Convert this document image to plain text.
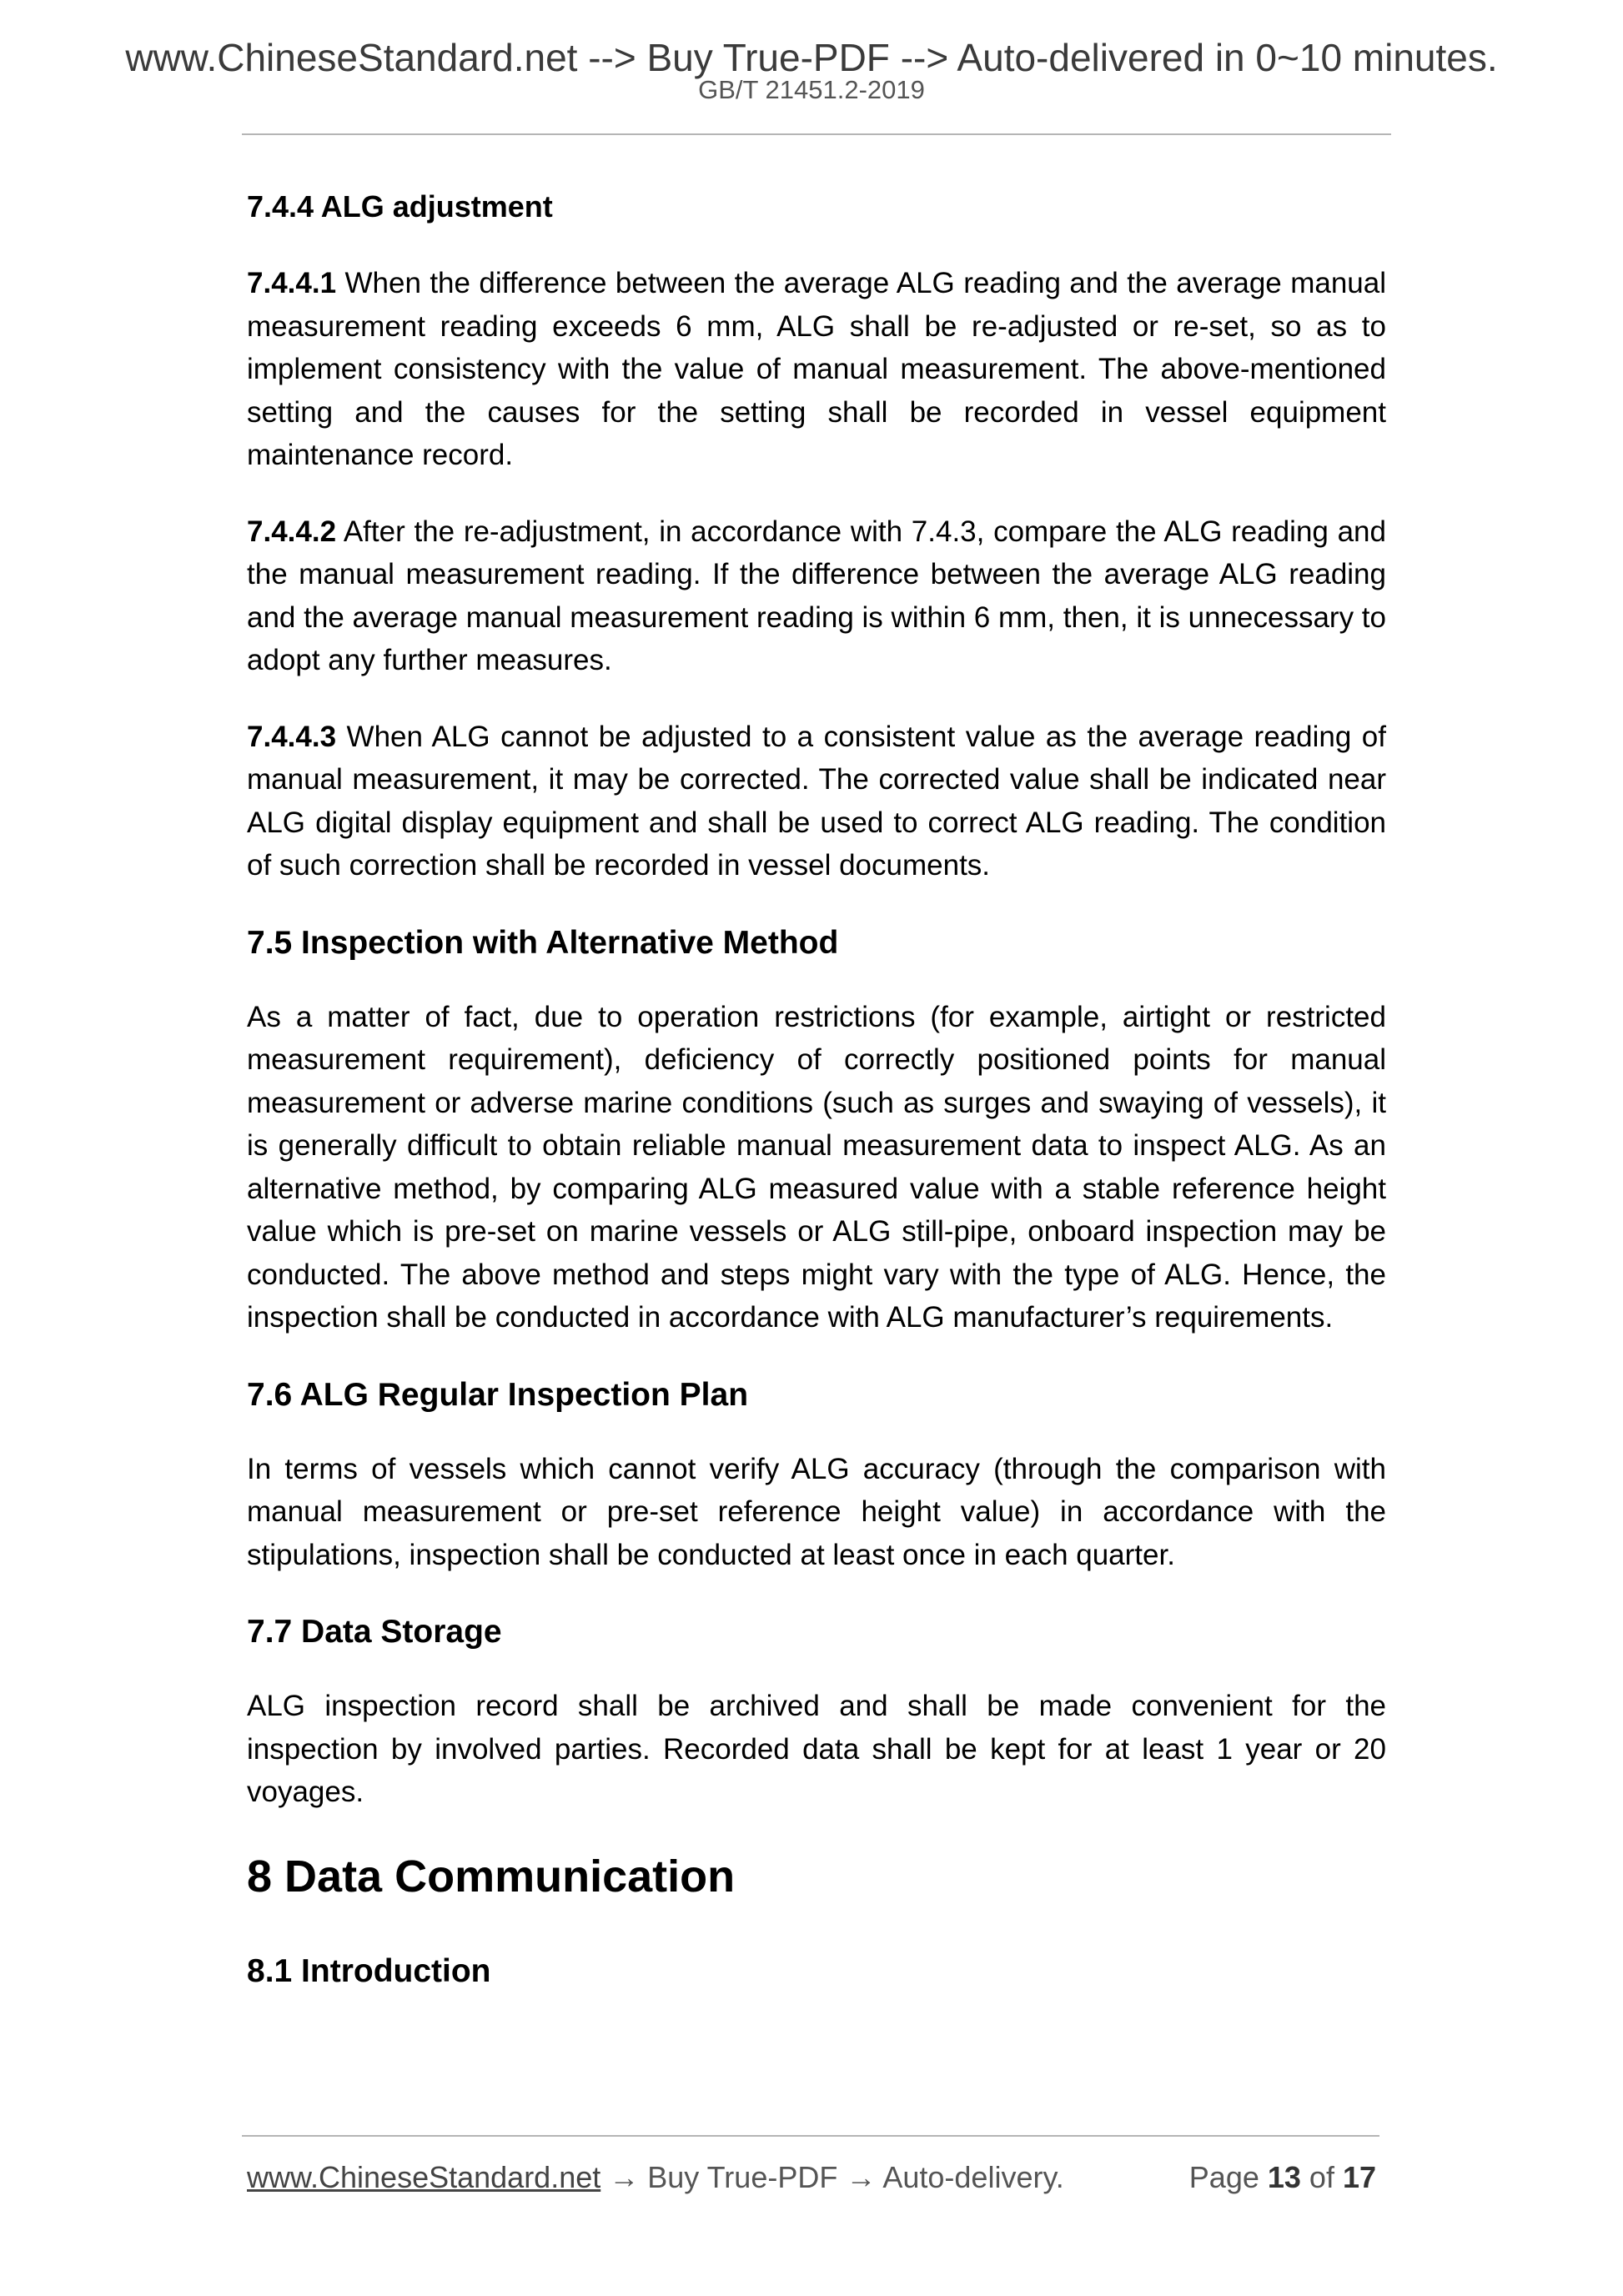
www.ChineseStandard.net --> Buy True-PDF --> Auto-delivered in 0~10 minutes.
GB/T 21451.2-2019
7.4.4 ALG adjustment

7.4.4.1 When the difference between the average ALG reading and the average manual measurement reading exceeds 6 mm, ALG shall be re-adjusted or re-set, so as to implement consistency with the value of manual measurement. The above-mentioned setting and the causes for the setting shall be recorded in vessel equipment maintenance record.

7.4.4.2 After the re-adjustment, in accordance with 7.4.3, compare the ALG reading and the manual measurement reading. If the difference between the average ALG reading and the average manual measurement reading is within 6 mm, then, it is unnecessary to adopt any further measures.

7.4.4.3 When ALG cannot be adjusted to a consistent value as the average reading of manual measurement, it may be corrected. The corrected value shall be indicated near ALG digital display equipment and shall be used to correct ALG reading. The condition of such correction shall be recorded in vessel documents.

7.5 Inspection with Alternative Method

As a matter of fact, due to operation restrictions (for example, airtight or restricted measurement requirement), deficiency of correctly positioned points for manual measurement or adverse marine conditions (such as surges and swaying of vessels), it is generally difficult to obtain reliable manual measurement data to inspect ALG. As an alternative method, by comparing ALG measured value with a stable reference height value which is pre-set on marine vessels or ALG still-pipe, onboard inspection may be conducted. The above method and steps might vary with the type of ALG. Hence, the inspection shall be conducted in accordance with ALG manufacturer’s requirements.

7.6 ALG Regular Inspection Plan

In terms of vessels which cannot verify ALG accuracy (through the comparison with manual measurement or pre-set reference height value) in accordance with the stipulations, inspection shall be conducted at least once in each quarter.

7.7 Data Storage

ALG inspection record shall be archived and shall be made convenient for the inspection by involved parties. Recorded data shall be kept for at least 1 year or 20 voyages.

8 Data Communication
8.1 Introduction
www.ChineseStandard.net → Buy True-PDF → Auto-delivery.	Page 13 of 17
